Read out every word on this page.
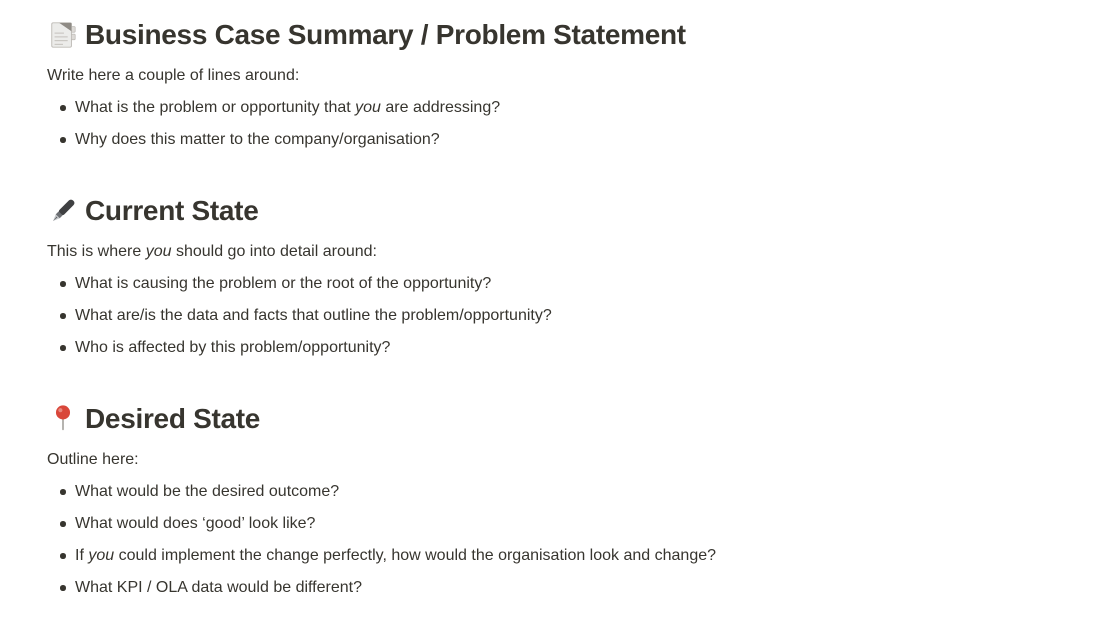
Business Case Summary / Problem Statement

Write here a couple of lines around:

What is the problem or opportunity that you are addressing?
Why does this matter to the company/organisation?
Current State

This is where you should go into detail around:

What is causing the problem or the root of the opportunity?
What are/is the data and facts that outline the problem/opportunity?
Who is affected by this problem/opportunity?
Desired State

Outline here:

What would be the desired outcome?
What would does ‘good’ look like?
If you could implement the change perfectly, how would the organisation look and change?
What KPI / OLA data would be different?
